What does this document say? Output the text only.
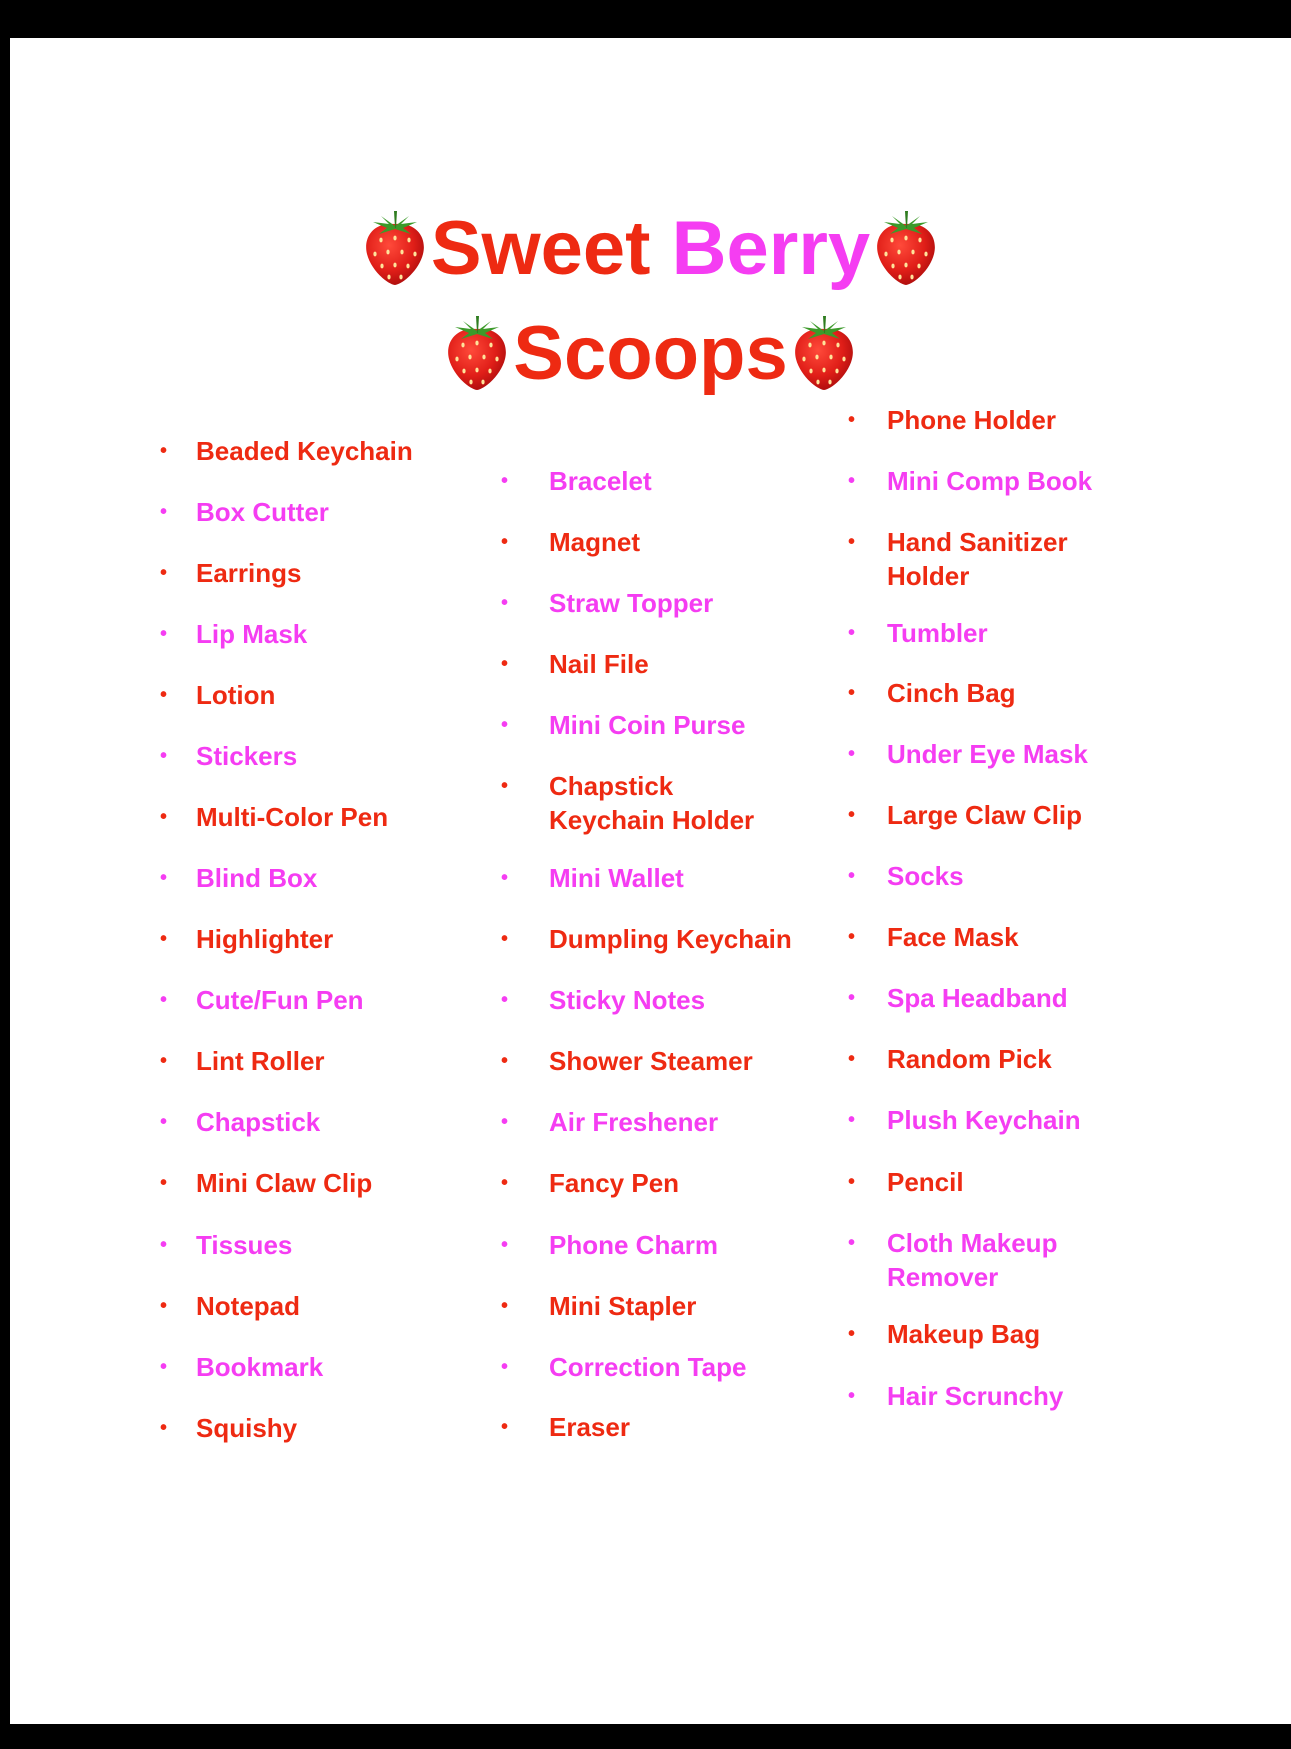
Sweet Berry
Scoops
• Beaded Keychain
• Box Cutter
• Earrings
• Lip Mask
• Lotion
• Stickers
• Multi-Color Pen
• Blind Box
• Highlighter
• Cute/Fun Pen
• Lint Roller
• Chapstick
• Mini Claw Clip
• Tissues
• Notepad
• Bookmark
• Squishy
• Bracelet
• Magnet
• Straw Topper
• Nail File
• Mini Coin Purse
• Chapstick
Keychain Holder
• Mini Wallet
• Dumpling Keychain
• Sticky Notes
• Shower Steamer
• Air Freshener
• Fancy Pen
• Phone Charm
• Mini Stapler
• Correction Tape
• Eraser
• Phone Holder
• Mini Comp Book
• Hand Sanitizer
Holder
• Tumbler
• Cinch Bag
• Under Eye Mask
• Large Claw Clip
• Socks
• Face Mask
• Spa Headband
• Random Pick
• Plush Keychain
• Pencil
• Cloth Makeup
Remover
• Makeup Bag
• Hair Scrunchy
